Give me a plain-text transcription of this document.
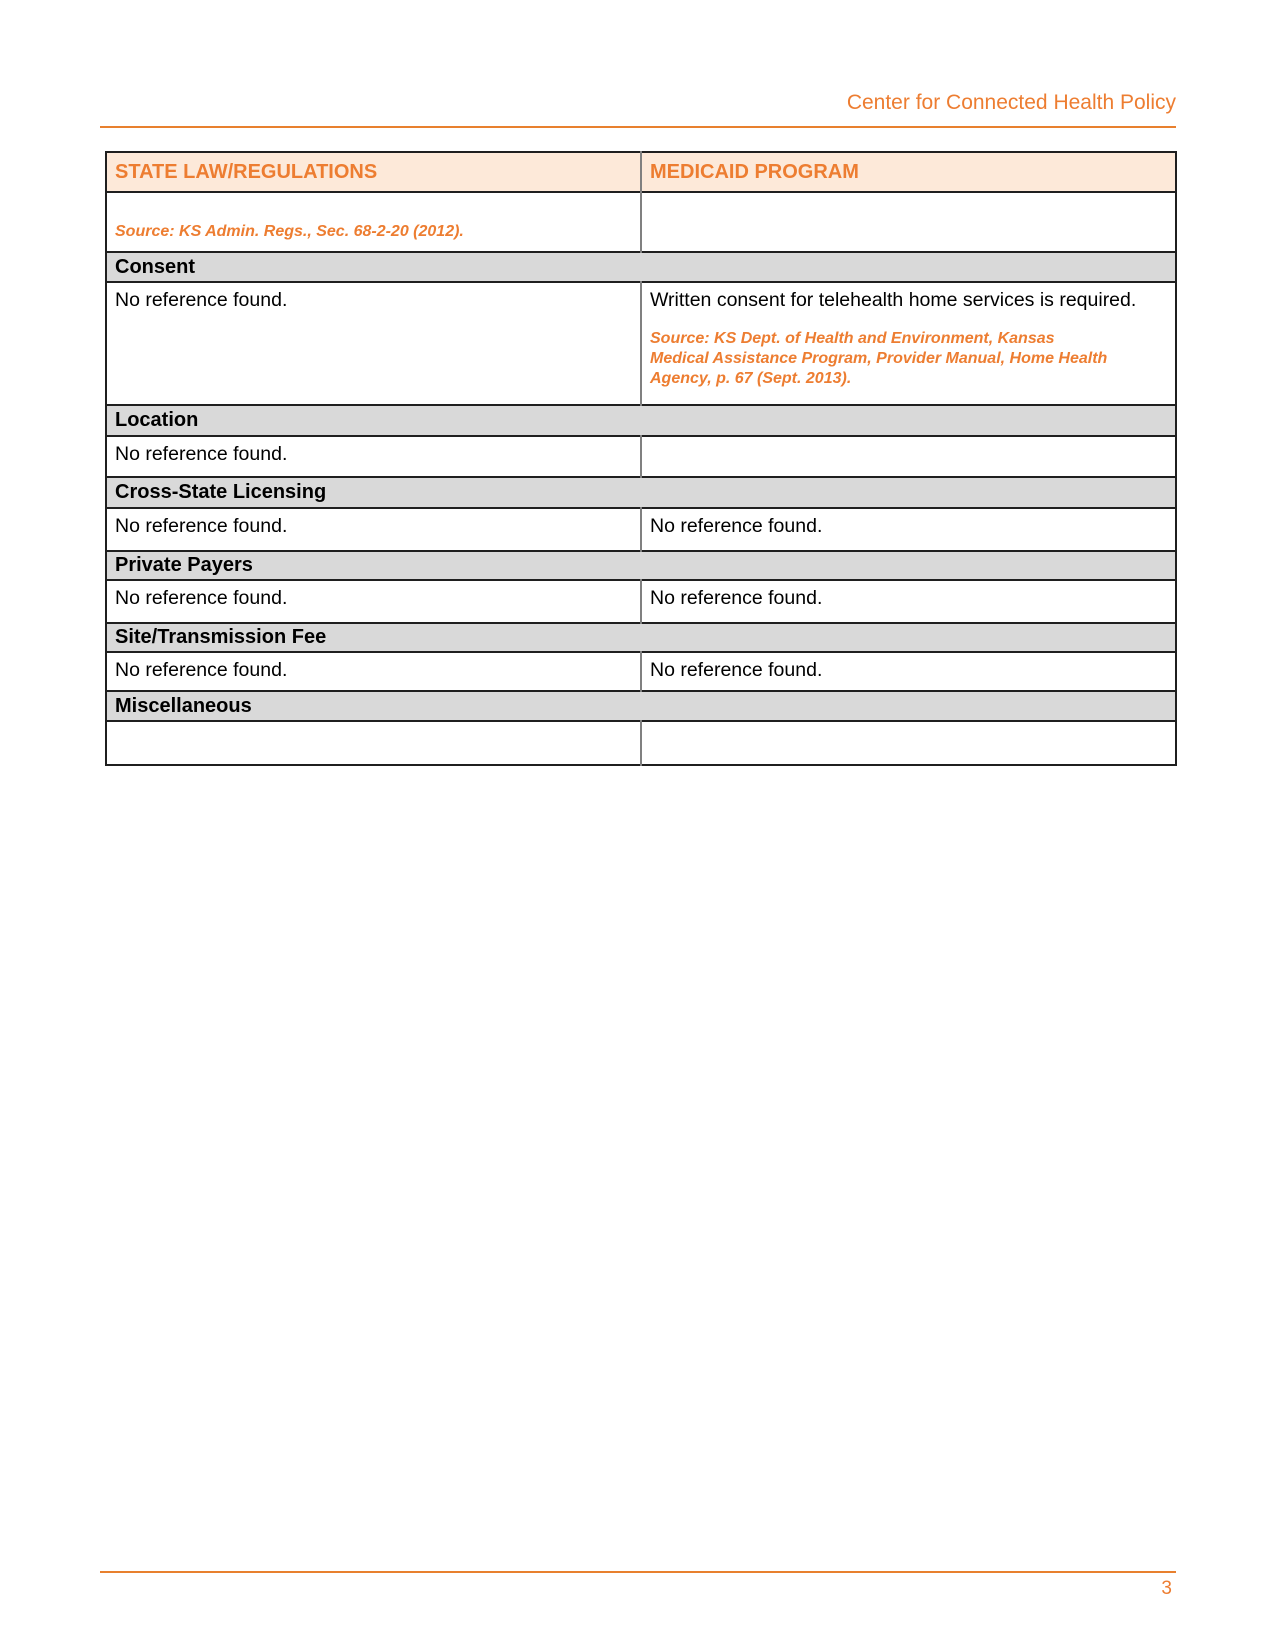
Center for Connected Health Policy
STATE LAW/REGULATIONS	MEDICAID PROGRAM

Source: KS Admin. Regs., Sec. 68-2-20 (2012).	

Consent	

No reference found.	Written consent for telehealth home services is required.

Source: KS Dept. of Health and Environment, Kansas Medical Assistance Program, Provider Manual, Home Health Agency, p. 67 (Sept. 2013).

Location	

No reference found.	

Cross-State Licensing	

No reference found.	No reference found.

Private Payers	

No reference found.	No reference found.

Site/Transmission Fee	

No reference found.	No reference found.

Miscellaneous	

3
